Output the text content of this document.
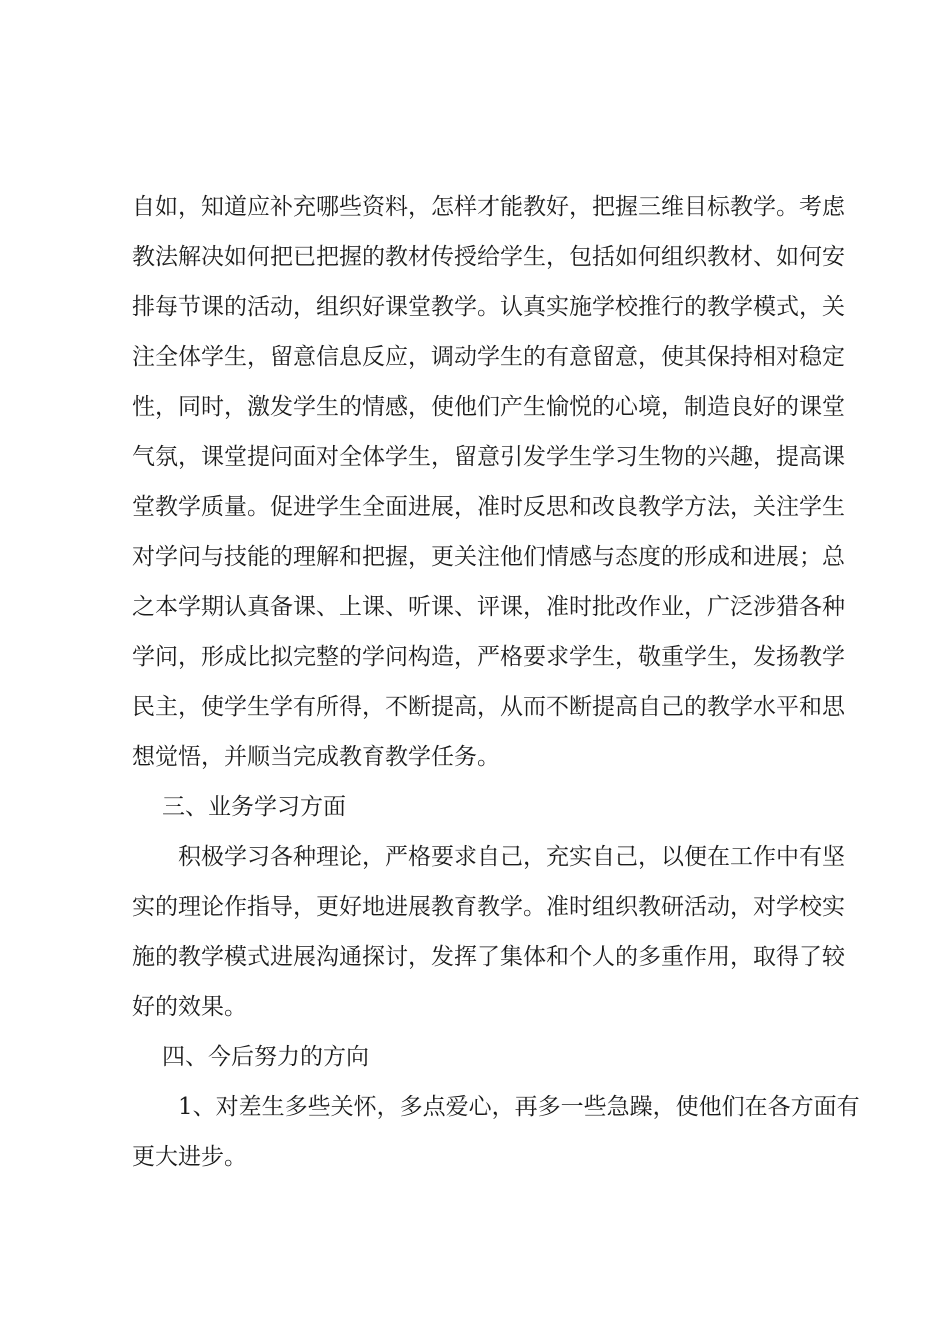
自如，知道应补充哪些资料，怎样才能教好，把握三维目标教学。考虑

教法解决如何把已把握的教材传授给学生，包括如何组织教材、如何安

排每节课的活动，组织好课堂教学。认真实施学校推行的教学模式，关

注全体学生，留意信息反应，调动学生的有意留意，使其保持相对稳定

性，同时，激发学生的情感，使他们产生愉悦的心境，制造良好的课堂

气氛，课堂提问面对全体学生，留意引发学生学习生物的兴趣，提高课

堂教学质量。促进学生全面进展，准时反思和改良教学方法，关注学生

对学问与技能的理解和把握，更关注他们情感与态度的形成和进展；总

之本学期认真备课、上课、听课、评课，准时批改作业，广泛涉猎各种

学问，形成比拟完整的学问构造，严格要求学生，敬重学生，发扬教学

民主，使学生学有所得，不断提高，从而不断提高自己的教学水平和思

想觉悟，并顺当完成教育教学任务。

三、业务学习方面

积极学习各种理论，严格要求自己，充实自己，以便在工作中有坚

实的理论作指导，更好地进展教育教学。准时组织教研活动，对学校实

施的教学模式进展沟通探讨，发挥了集体和个人的多重作用，取得了较

好的效果。

四、今后努力的方向

1、对差生多些关怀，多点爱心，再多一些急躁，使他们在各方面有

更大进步。
